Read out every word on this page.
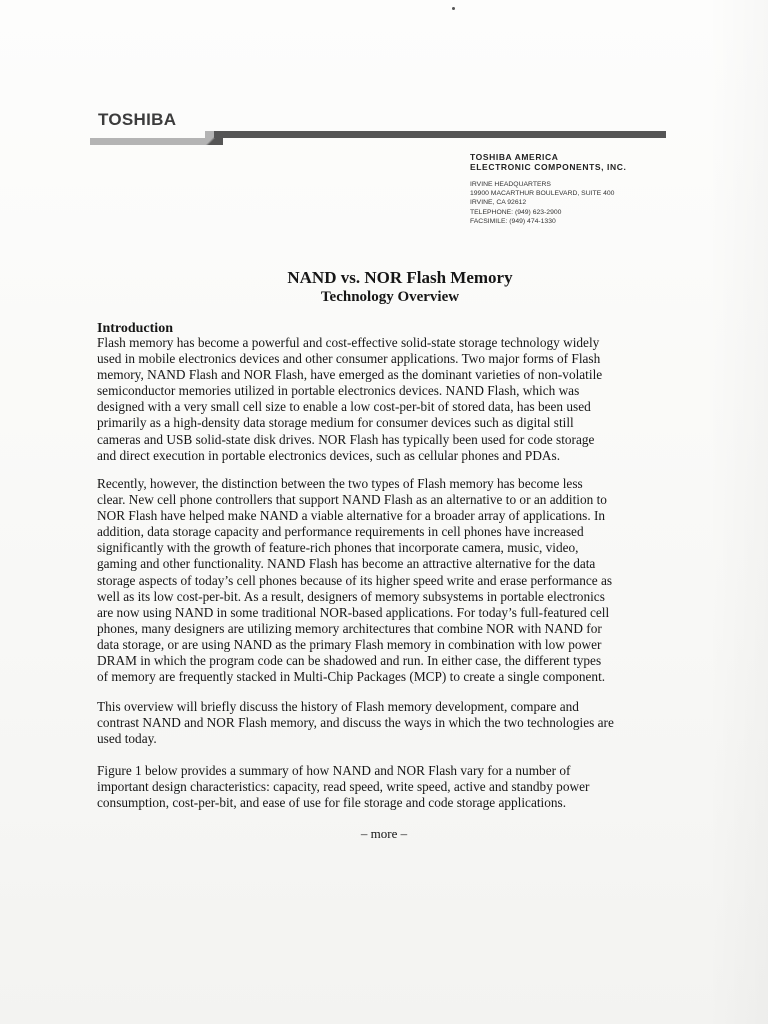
TOSHIBA
TOSHIBA AMERICA
ELECTRONIC COMPONENTS, INC.
IRVINE HEADQUARTERS
19900 MACARTHUR BOULEVARD, SUITE 400
IRVINE, CA 92612
TELEPHONE: (949) 623-2900
FACSIMILE: (949) 474-1330
NAND vs. NOR Flash Memory
Technology Overview
Introduction
Flash memory has become a powerful and cost-effective solid-state storage technology widely
used in mobile electronics devices and other consumer applications. Two major forms of Flash
memory, NAND Flash and NOR Flash, have emerged as the dominant varieties of non-volatile
semiconductor memories utilized in portable electronics devices. NAND Flash, which was
designed with a very small cell size to enable a low cost-per-bit of stored data, has been used
primarily as a high-density data storage medium for consumer devices such as digital still
cameras and USB solid-state disk drives. NOR Flash has typically been used for code storage
and direct execution in portable electronics devices, such as cellular phones and PDAs.
Recently, however, the distinction between the two types of Flash memory has become less
clear. New cell phone controllers that support NAND Flash as an alternative to or an addition to
NOR Flash have helped make NAND a viable alternative for a broader array of applications. In
addition, data storage capacity and performance requirements in cell phones have increased
significantly with the growth of feature-rich phones that incorporate camera, music, video,
gaming and other functionality. NAND Flash has become an attractive alternative for the data
storage aspects of today’s cell phones because of its higher speed write and erase performance as
well as its low cost-per-bit. As a result, designers of memory subsystems in portable electronics
are now using NAND in some traditional NOR-based applications. For today’s full-featured cell
phones, many designers are utilizing memory architectures that combine NOR with NAND for
data storage, or are using NAND as the primary Flash memory in combination with low power
DRAM in which the program code can be shadowed and run. In either case, the different types
of memory are frequently stacked in Multi-Chip Packages (MCP) to create a single component.
This overview will briefly discuss the history of Flash memory development, compare and
contrast NAND and NOR Flash memory, and discuss the ways in which the two technologies are
used today.
Figure 1 below provides a summary of how NAND and NOR Flash vary for a number of
important design characteristics: capacity, read speed, write speed, active and standby power
consumption, cost-per-bit, and ease of use for file storage and code storage applications.
– more –
